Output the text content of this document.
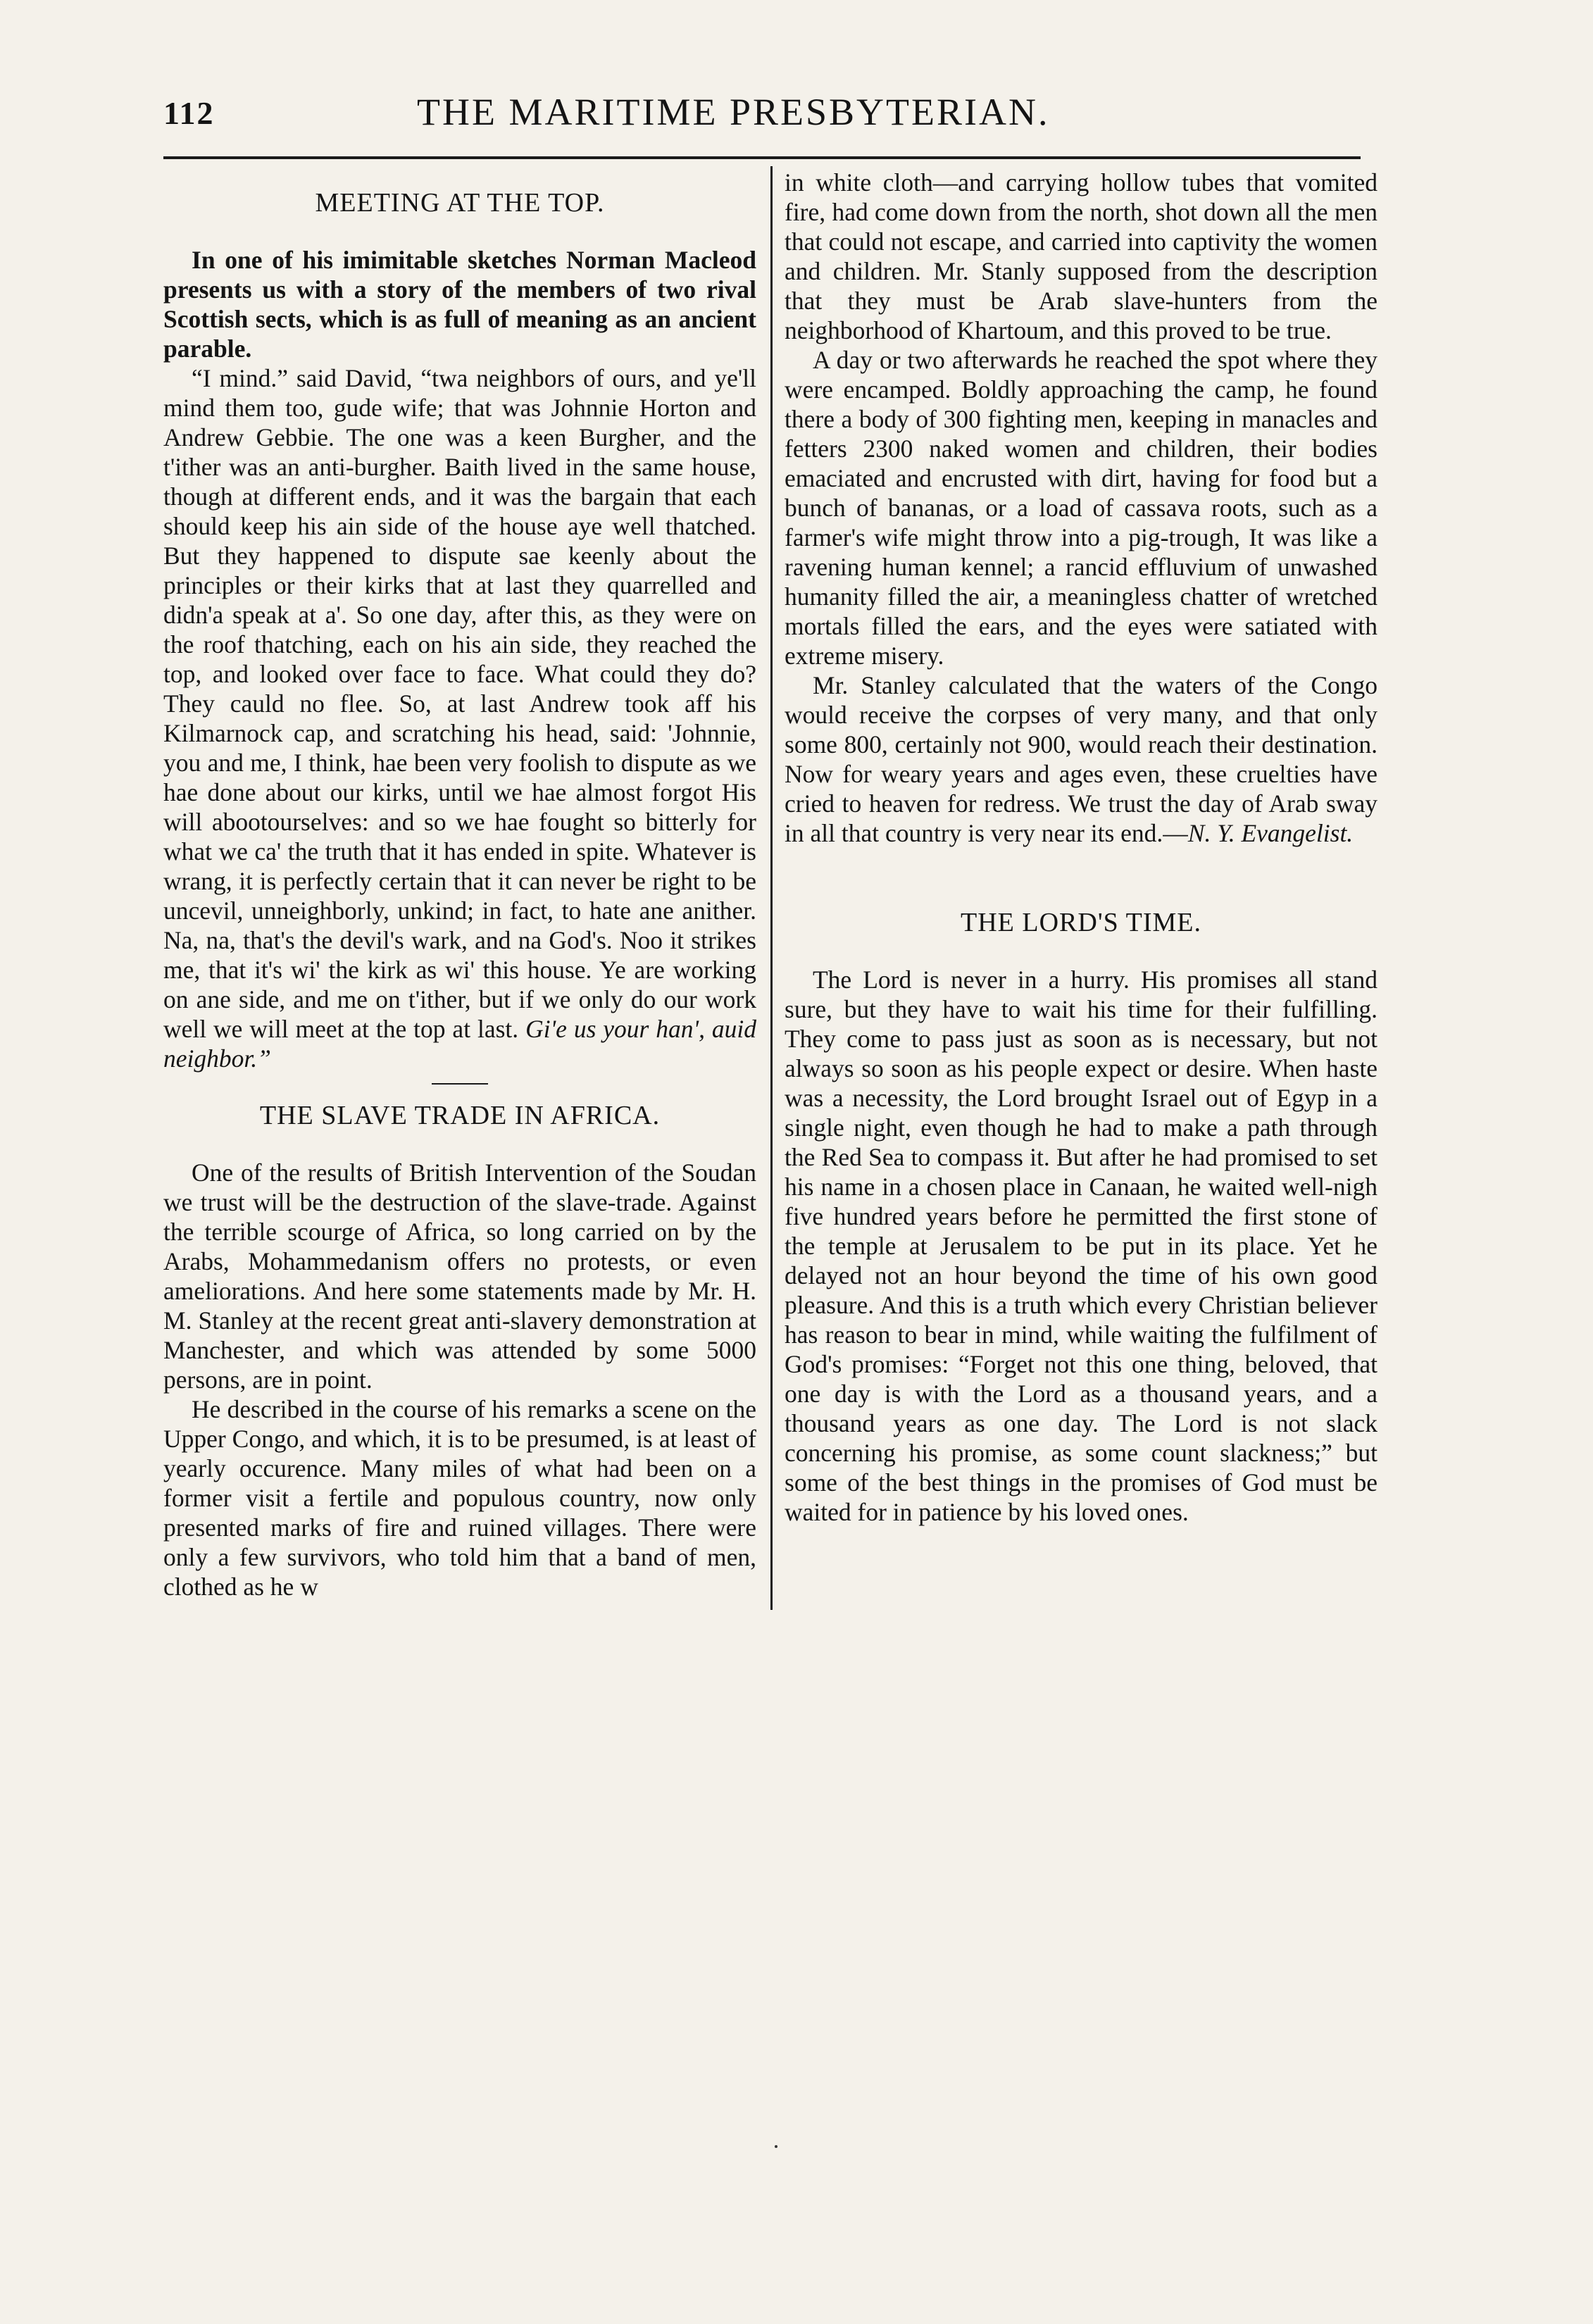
112	THE MARITIME PRESBYTERIAN.
MEETING AT THE TOP.

In one of his imimitable sketches Norman Macleod presents us with a story of the members of two rival Scottish sects, which is as full of meaning as an ancient parable.

“I mind.” said David, “twa neighbors of ours, and ye'll mind them too, gude wife; that was Johnnie Horton and Andrew Gebbie. The one was a keen Burgher, and the t'ither was an anti-burgher. Baith lived in the same house, though at different ends, and it was the bargain that each should keep his ain side of the house aye well thatched. But they happened to dispute sae keenly about the principles or their kirks that at last they quarrelled and didn'a speak at a'. So one day, after this, as they were on the roof thatching, each on his ain side, they reached the top, and looked over face to face. What could they do? They cauld no flee. So, at last Andrew took aff his Kilmarnock cap, and scratching his head, said: 'Johnnie, you and me, I think, hae been very foolish to dispute as we hae done about our kirks, until we hae almost forgot His will abootourselves: and so we hae fought so bitterly for what we ca' the truth that it has ended in spite. Whatever is wrang, it is perfectly certain that it can never be right to be uncevil, unneighborly, unkind; in fact, to hate ane anither. Na, na, that's the devil's wark, and na God's. Noo it strikes me, that it's wi' the kirk as wi' this house. Ye are working on ane side, and me on t'ither, but if we only do our work well we will meet at the top at last. Gi'e us your han', auid neighbor.”

THE SLAVE TRADE IN AFRICA.

One of the results of British Intervention of the Soudan we trust will be the destruction of the slave-trade. Against the terrible scourge of Africa, so long carried on by the Arabs, Mohammedanism offers no protests, or even ameliorations. And here some statements made by Mr. H. M. Stanley at the recent great anti-slavery demonstration at Manchester, and which was attended by some 5000 persons, are in point.

He described in the course of his remarks a scene on the Upper Congo, and which, it is to be presumed, is at least of yearly occurence. Many miles of what had been on a former visit a fertile and populous country, now only presented marks of fire and ruined villages. There were only a few survivors, who told him that a band of men, clothed as he w

in white cloth—and carrying hollow tubes that vomited fire, had come down from the north, shot down all the men that could not escape, and carried into captivity the women and children. Mr. Stanly supposed from the description that they must be Arab slave-hunters from the neighborhood of Khartoum, and this proved to be true.

A day or two afterwards he reached the spot where they were encamped. Boldly approaching the camp, he found there a body of 300 fighting men, keeping in manacles and fetters 2300 naked women and children, their bodies emaciated and encrusted with dirt, having for food but a bunch of bananas, or a load of cassava roots, such as a farmer's wife might throw into a pig-trough, It was like a ravening human kennel; a rancid effluvium of unwashed humanity filled the air, a meaningless chatter of wretched mortals filled the ears, and the eyes were satiated with extreme misery.

Mr. Stanley calculated that the waters of the Congo would receive the corpses of very many, and that only some 800, certainly not 900, would reach their destination. Now for weary years and ages even, these cruelties have cried to heaven for redress. We trust the day of Arab sway in all that country is very near its end.—N. Y. Evangelist.

THE LORD'S TIME.

The Lord is never in a hurry. His promises all stand sure, but they have to wait his time for their fulfilling. They come to pass just as soon as is necessary, but not always so soon as his people expect or desire. When haste was a necessity, the Lord brought Israel out of Egyp in a single night, even though he had to make a path through the Red Sea to compass it. But after he had promised to set his name in a chosen place in Canaan, he waited well-nigh five hundred years before he permitted the first stone of the temple at Jerusalem to be put in its place. Yet he delayed not an hour beyond the time of his own good pleasure. And this is a truth which every Christian believer has reason to bear in mind, while waiting the fulfilment of God's promises: “Forget not this one thing, beloved, that one day is with the Lord as a thousand years, and a thousand years as one day. The Lord is not slack concerning his promise, as some count slackness;” but some of the best things in the promises of God must be waited for in patience by his loved ones.
